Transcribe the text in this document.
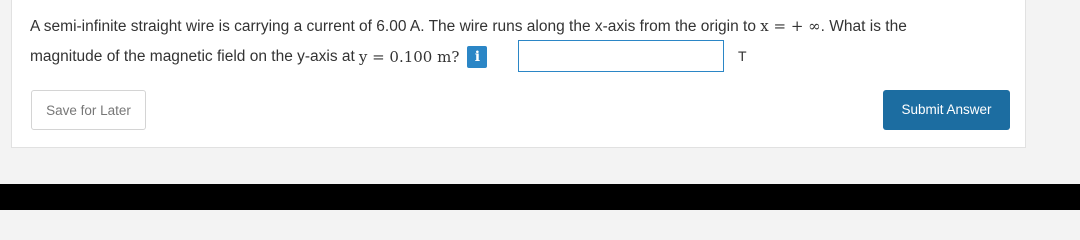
A semi-infinite straight wire is carrying a current of 6.00 A. The wire runs along the x-axis from the origin to x = + ∞. What is the
magnitude of the magnetic field on the y-axis at y = 0.100 m?	i	T
Save for Later	Submit Answer
